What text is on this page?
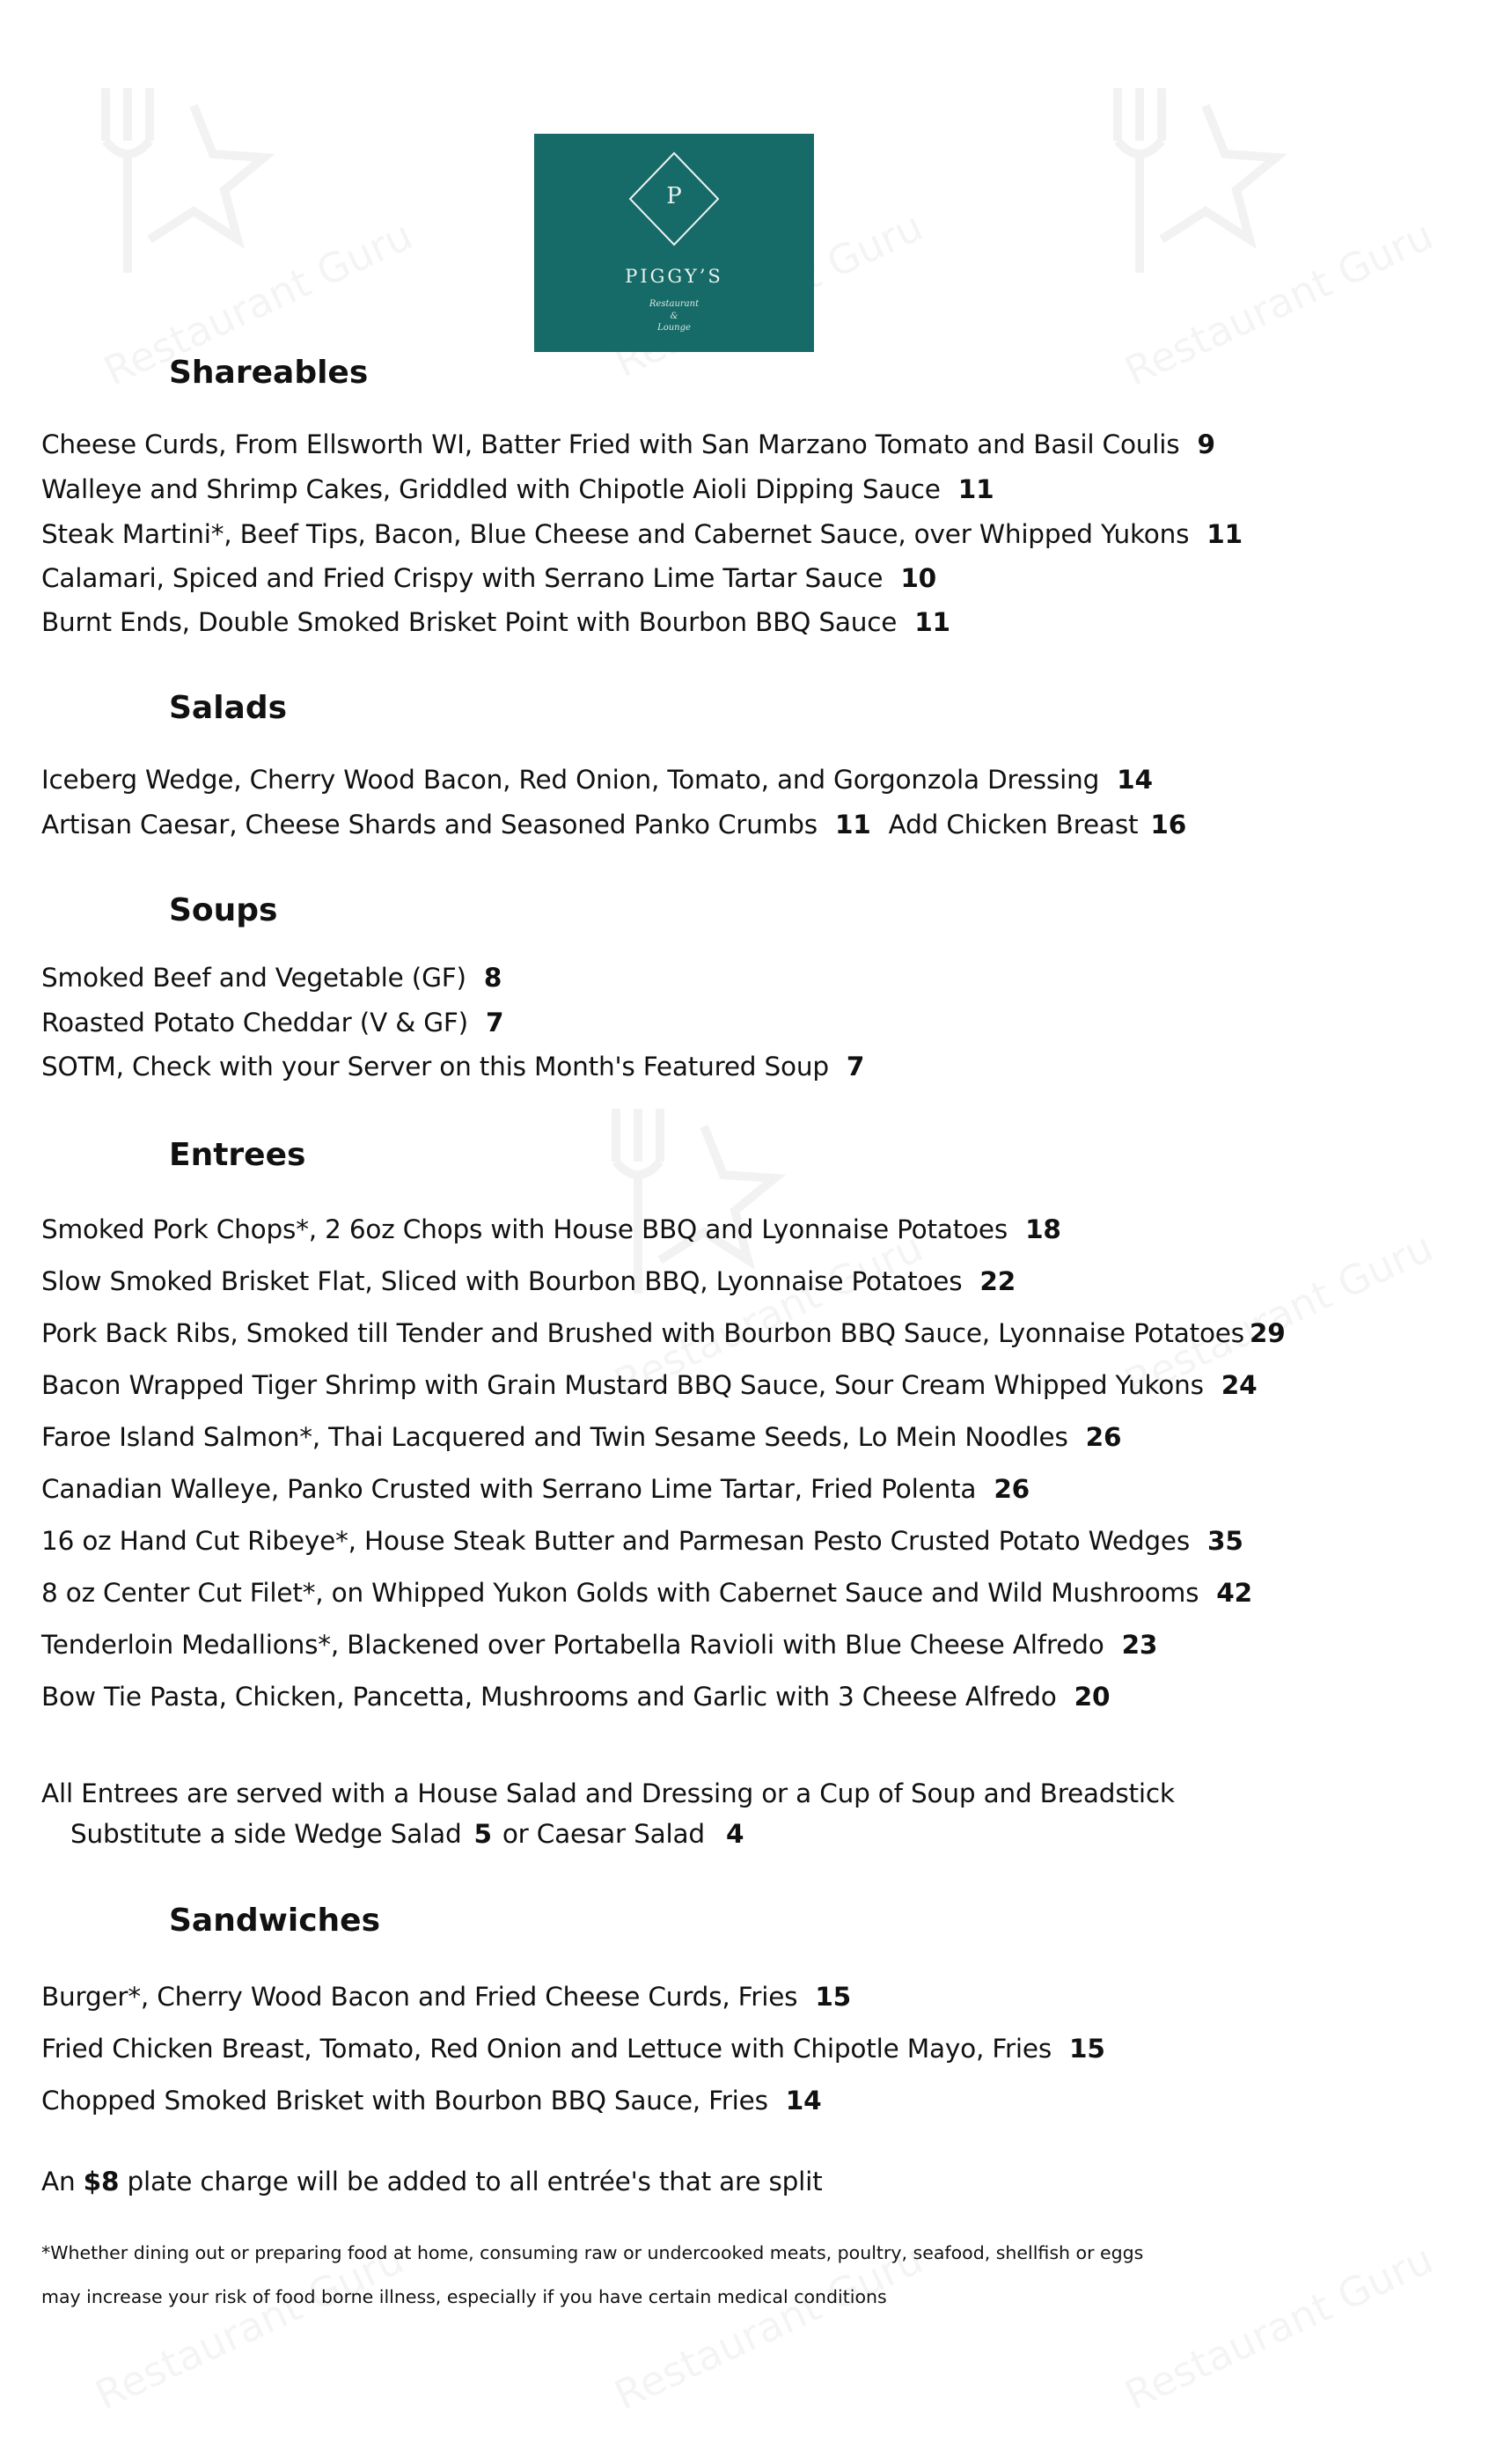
P
PIGGY’S
Restaurant
&
Lounge
Shareables
Cheese Curds, From Ellsworth WI, Batter Fried with San Marzano Tomato and Basil Coulis 9
Walleye and Shrimp Cakes, Griddled with Chipotle Aioli Dipping Sauce 11
Steak Martini*, Beef Tips, Bacon, Blue Cheese and Cabernet Sauce, over Whipped Yukons 11
Calamari, Spiced and Fried Crispy with Serrano Lime Tartar Sauce 10
Burnt Ends, Double Smoked Brisket Point with Bourbon BBQ Sauce 11
Salads
Iceberg Wedge, Cherry Wood Bacon, Red Onion, Tomato, and Gorgonzola Dressing 14
Artisan Caesar, Cheese Shards and Seasoned Panko Crumbs 11 Add Chicken Breast 16
Soups
Smoked Beef and Vegetable (GF) 8
Roasted Potato Cheddar (V & GF) 7
SOTM, Check with your Server on this Month's Featured Soup 7
Entrees
Smoked Pork Chops*, 2 6oz Chops with House BBQ and Lyonnaise Potatoes 18
Slow Smoked Brisket Flat, Sliced with Bourbon BBQ, Lyonnaise Potatoes 22
Pork Back Ribs, Smoked till Tender and Brushed with Bourbon BBQ Sauce, Lyonnaise Potatoes 29
Bacon Wrapped Tiger Shrimp with Grain Mustard BBQ Sauce, Sour Cream Whipped Yukons 24
Faroe Island Salmon*, Thai Lacquered and Twin Sesame Seeds, Lo Mein Noodles 26
Canadian Walleye, Panko Crusted with Serrano Lime Tartar, Fried Polenta 26
16 oz Hand Cut Ribeye*, House Steak Butter and Parmesan Pesto Crusted Potato Wedges 35
8 oz Center Cut Filet*, on Whipped Yukon Golds with Cabernet Sauce and Wild Mushrooms 42
Tenderloin Medallions*, Blackened over Portabella Ravioli with Blue Cheese Alfredo 23
Bow Tie Pasta, Chicken, Pancetta, Mushrooms and Garlic with 3 Cheese Alfredo 20
All Entrees are served with a House Salad and Dressing or a Cup of Soup and Breadstick
Substitute a side Wedge Salad 5 or Caesar Salad 4
Sandwiches
Burger*, Cherry Wood Bacon and Fried Cheese Curds, Fries 15
Fried Chicken Breast, Tomato, Red Onion and Lettuce with Chipotle Mayo, Fries 15
Chopped Smoked Brisket with Bourbon BBQ Sauce, Fries 14
An $8 plate charge will be added to all entrée's that are split
*Whether dining out or preparing food at home, consuming raw or undercooked meats, poultry, seafood, shellfish or eggs
may increase your risk of food borne illness, especially if you have certain medical conditions
